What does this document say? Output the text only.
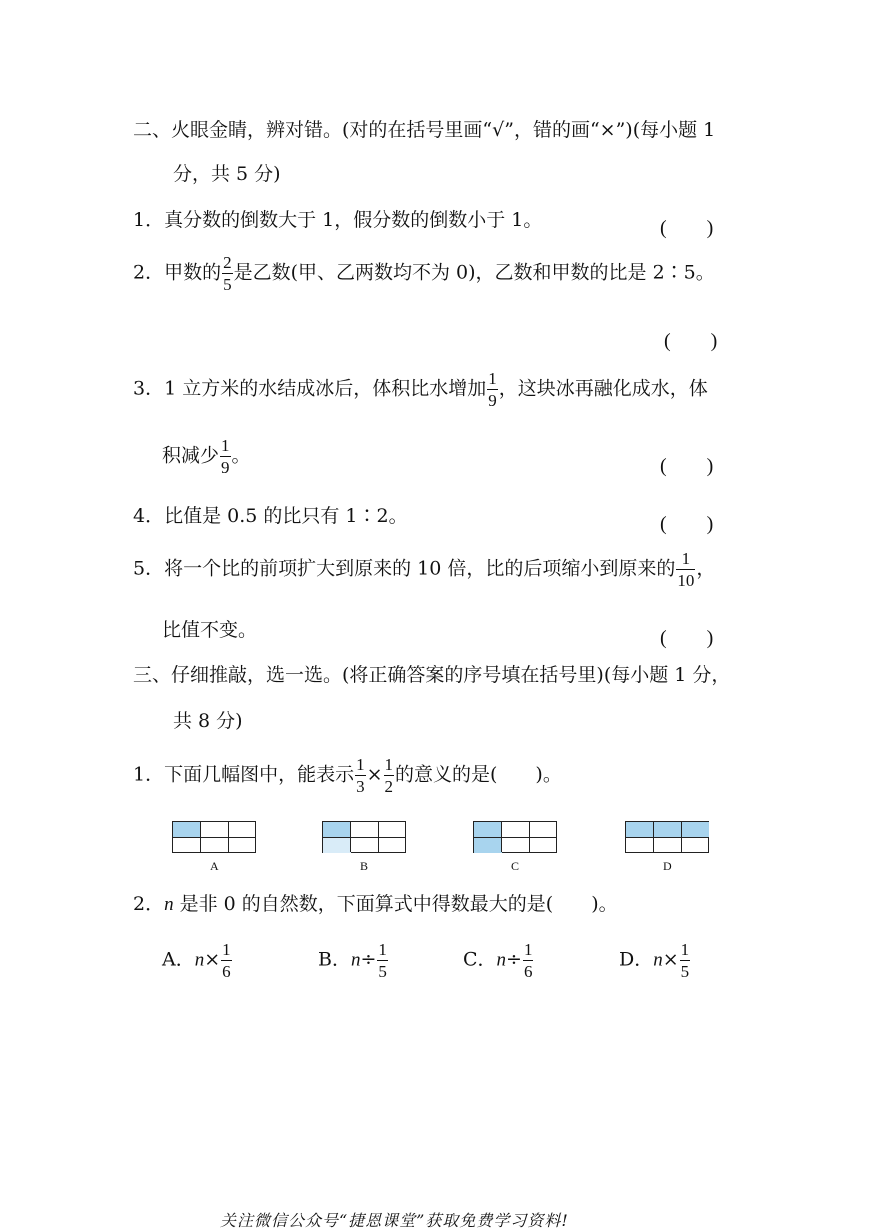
二、火眼金睛，辨对错。(对的在括号里画“√”，错的画“×”)(每小题 1
分，共 5 分)
1．真分数的倒数大于 1，假分数的倒数小于 1。	(　　)
2．甲数的 $\frac{2}{5}$ 是乙数(甲、乙两数均不为 0)，乙数和甲数的比是 2∶5。
(　　)
3．1 立方米的水结成冰后，体积比水增加 $\frac{1}{9}$ ，这块冰再融化成水，体
积减少 $\frac{1}{9}$ 。	(　　)
4．比值是 0.5 的比只有 1∶2。	(　　)
5．将一个比的前项扩大到原来的 10 倍，比的后项缩小到原来的 $\frac{1}{10}$ ，
比值不变。	(　　)
三、仔细推敲，选一选。(将正确答案的序号填在括号里)(每小题 1 分，
共 8 分)
1．下面几幅图中，能表示 $\frac{1}{3} \times \frac{1}{2}$ 的意义的是(　　)。
A	B	C	D
2．n 是非 0 的自然数，下面算式中得数最大的是(　　)。
A．$n\times \frac{1}{6}$	B．$n\div \frac{1}{5}$	C．$n\div \frac{1}{6}$	D．$n\times \frac{1}{5}$
关注微信公众号“捷恩课堂”获取免费学习资料!
